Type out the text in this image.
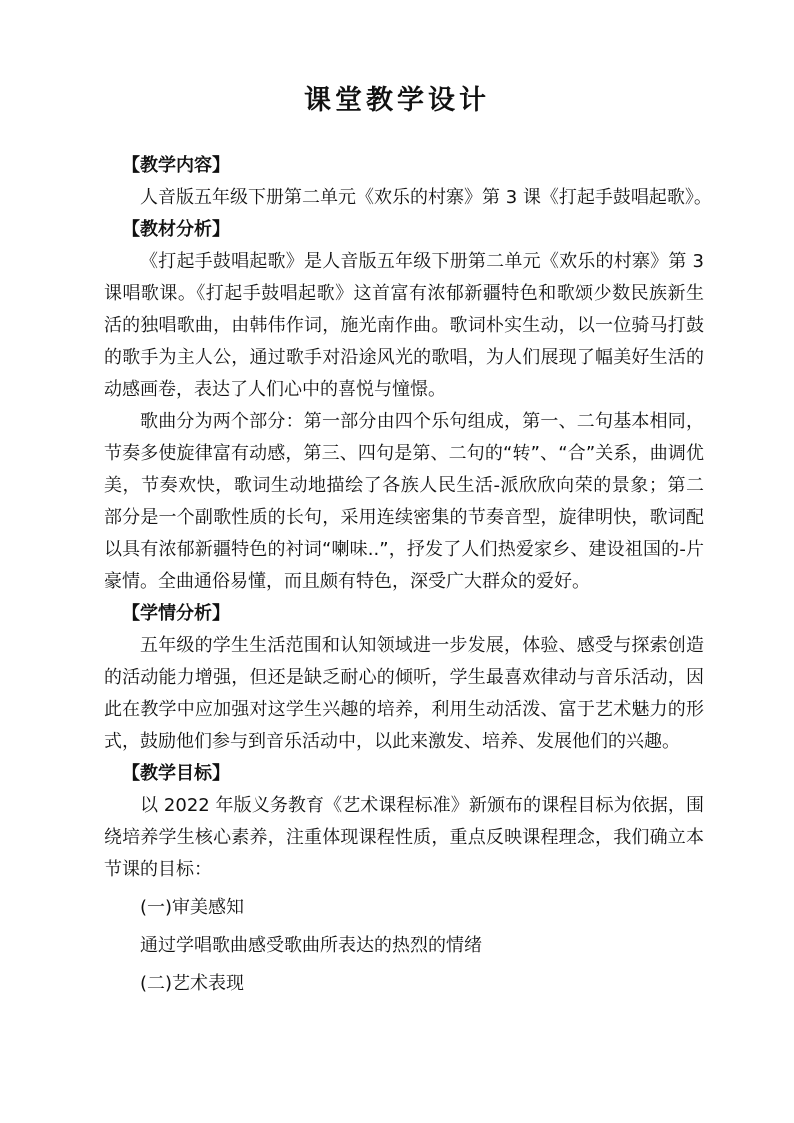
课堂教学设计
【教学内容】
人音版五年级下册第二单元《欢乐的村寨》第 3 课《打起手鼓唱起歌》。
【教材分析】

《打起手鼓唱起歌》是人音版五年级下册第二单元《欢乐的村寨》第 3 课唱歌课。《打起手鼓唱起歌》这首富有浓郁新疆特色和歌颂少数民族新生活的独唱歌曲，由韩伟作词，施光南作曲。歌词朴实生动，以一位骑马打鼓的歌手为主人公，通过歌手对沿途风光的歌唱，为人们展现了幅美好生活的动感画卷，表达了人们心中的喜悦与憧憬。

歌曲分为两个部分：第一部分由四个乐句组成，第一、二句基本相同，节奏多使旋律富有动感，第三、四句是第、二句的“转”、“合”关系，曲调优美，节奏欢快，歌词生动地描绘了各族人民生活-派欣欣向荣的景象；第二部分是一个副歌性质的长句，采用连续密集的节奏音型，旋律明快，歌词配以具有浓郁新疆特色的衬词“喇味..”，抒发了人们热爱家乡、建设祖国的-片豪情。全曲通俗易懂，而且颇有特色，深受广大群众的爱好。

【学情分析】

五年级的学生生活范围和认知领域进一步发展，体验、感受与探索创造的活动能力增强，但还是缺乏耐心的倾听，学生最喜欢律动与音乐活动，因此在教学中应加强对这学生兴趣的培养，利用生动活泼、富于艺术魅力的形式，鼓励他们参与到音乐活动中，以此来激发、培养、发展他们的兴趣。

【教学目标】

以 2022 年版义务教育《艺术课程标准》新颁布的课程目标为依据，围绕培养学生核心素养，注重体现课程性质，重点反映课程理念，我们确立本节课的目标：

(一)审美感知
通过学唱歌曲感受歌曲所表达的热烈的情绪
(二)艺术表现
